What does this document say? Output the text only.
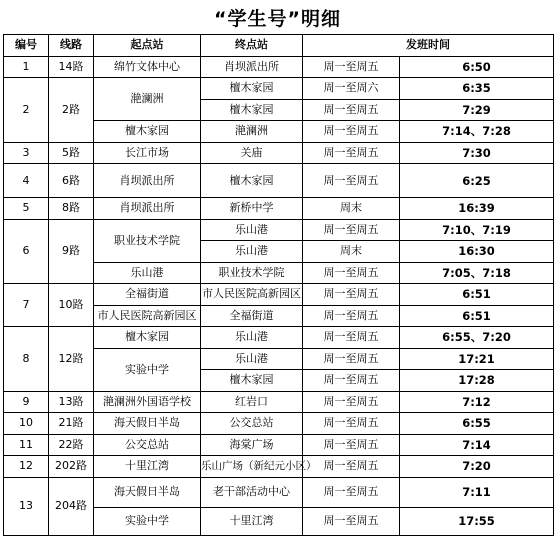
“学生号”明细
编号	线路	起点站	终点站	发班时间	
1	14路	绵竹文体中心	肖坝派出所	周一至周五	6:50
2	2路	滟澜洲	檀木家园	周一至周六	6:35
			檀木家园	周一至周五	7:29
		檀木家园	滟澜洲	周一至周五	7:14、7:28
3	5路	长江市场	关庙	周一至周五	7:30
4	6路	肖坝派出所	檀木家园	周一至周五	6:25
5	8路	肖坝派出所	新桥中学	周末	16:39
6	9路	职业技术学院	乐山港	周一至周五	7:10、7:19
			乐山港	周末	16:30
		乐山港	职业技术学院	周一至周五	7:05、7:18
7	10路	全福街道	市人民医院高新园区	周一至周五	6:51
		市人民医院高新园区	全福街道	周一至周五	6:51
8	12路	檀木家园	乐山港	周一至周五	6:55、7:20
		实验中学	乐山港	周一至周五	17:21
			檀木家园	周一至周五	17:28
9	13路	滟澜洲外国语学校	红岩口	周一至周五	7:12
10	21路	海天假日半岛	公交总站	周一至周五	6:55
11	22路	公交总站	海棠广场	周一至周五	7:14
12	202路	十里江湾	乐山广场（新纪元小区）	周一至周五	7:20
13	204路	海天假日半岛	老干部活动中心	周一至周五	7:11
		实验中学	十里江湾	周一至周五	17:55
